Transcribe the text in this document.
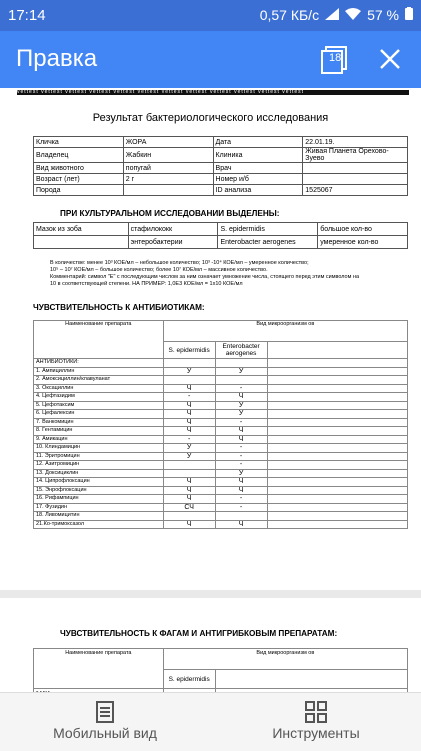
17:14	0,57 КБ/с	57 %
Правка	18
vettest vettest vettest vettest vettest vettest vettest vettest vettest vettest vettest vettest
Результат бактериологического исследования
Кличка	ЖОРА	Дата	22.01.19.
Владелец	Жабкин	Клиника	Живая Планета Орехово-Зуево
Вид животного	попугай	Врач	
Возраст (лет)	2 г	Номер и/б	
Порода		ID анализа	1525067
ПРИ КУЛЬТУРАЛЬНОМ ИССЛЕДОВАНИИ ВЫДЕЛЕНЫ:
Мазок из зоба	стафилококк	S. epidermidis	большое кол-во
	энтеробактерии	Enterobacter aerogenes	умеренное кол-во
В количестве: менее 10³ КОЕ/мл – небольшое количество; 10³ -10⁴ КОЕ/мл – умеренное количество;
10⁵ – 10⁷ КОЕ/мл – большое количество; более 10⁷ КОЕ/мл – массивное количество.
Комментарий: символ "E" с последующим числом за ним означает умножение числа, стоящего перед этим символом на
10 в соответствующей степени. НА ПРИМЕР: 1,0E3 КОЕ/мл = 1х10 КОЕ/мл
ЧУВСТВИТЕЛЬНОСТЬ К АНТИБИОТИКАМ:
Наименование препарата	Вид микроорганизм ов		
	S. epidermidis	Enterobacter aerogenes	
АНТИБИОТИКИ:			
1. Ампициллин	У	У	
2. Амоксициллин/клавуланат			
3. Оксациллин	Ч	-	
4. Цефтазидим	-	Ч	
5. Цефотаксим	Ч	У	
6. Цефалексин	Ч	У	
7. Ванкомицин	Ч	-	
8. Гентамицин	Ч	Ч	
9. Амикацин	-	Ч	
10. Клиндамицин	У	-	
11. Эритромицин	У	-	
12. Азитромицин		-	
13. Доксициклин		У	
14. Ципрофлоксацин	Ч	Ч	
15. Энрофлоксацин	Ч	Ч	
16. Рифампицин	Ч	-	
17. Фузидин	СЧ	-	
18. Ливомицитин			
21.Ко-тримоксазол	Ч	Ч	
ЧУВСТВИТЕЛЬНОСТЬ К ФАГАМ И АНТИГРИБКОВЫМ ПРЕПАРАТАМ:
Наименование препарата	Вид микроорганизм ов	
	S. epidermidis	

Мобильный вид	Инструменты
